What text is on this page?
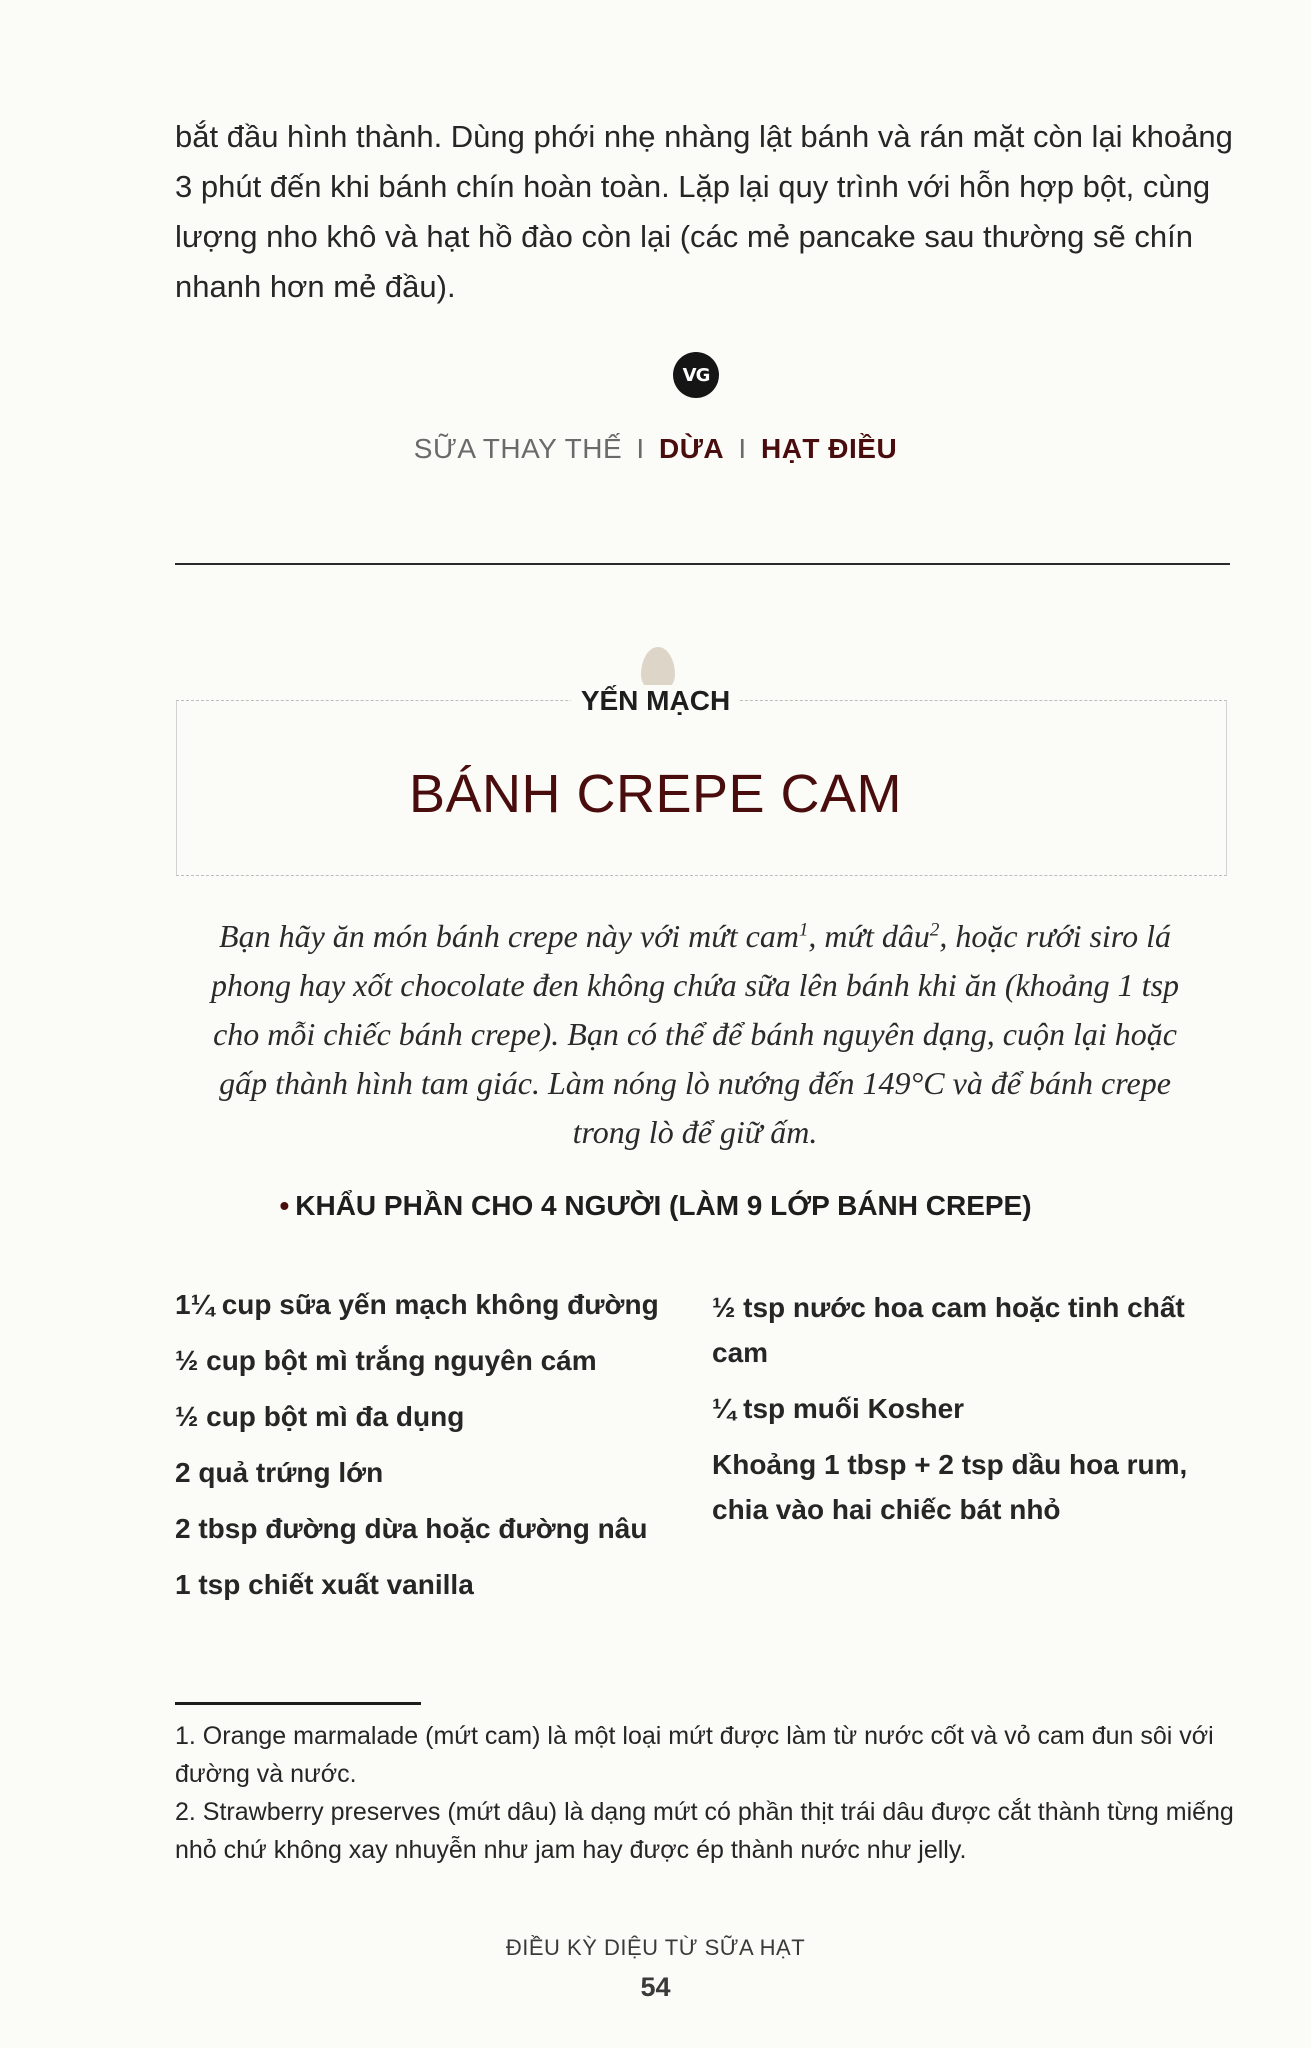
bắt đầu hình thành. Dùng phới nhẹ nhàng lật bánh và rán mặt còn lại khoảng 3 phút đến khi bánh chín hoàn toàn. Lặp lại quy trình với hỗn hợp bột, cùng lượng nho khô và hạt hồ đào còn lại (các mẻ pancake sau thường sẽ chín nhanh hơn mẻ đầu).

VG
SỮA THAY THẾ I DỪA I HẠT ĐIỀU
YẾN MẠCH
BÁNH CREPE CAM

Bạn hãy ăn món bánh crepe này với mứt cam$^1$, mứt dâu$^2$, hoặc rưới siro lá phong hay xốt chocolate đen không chứa sữa lên bánh khi ăn (khoảng 1 tsp cho mỗi chiếc bánh crepe). Bạn có thể để bánh nguyên dạng, cuộn lại hoặc gấp thành hình tam giác. Làm nóng lò nướng đến 149°C và để bánh crepe trong lò để giữ ấm.

• KHẨU PHẦN CHO 4 NGƯỜI (LÀM 9 LỚP BÁNH CREPE)
1¼ cup sữa yến mạch không đường
½ cup bột mì trắng nguyên cám
½ cup bột mì đa dụng
2 quả trứng lớn
2 tbsp đường dừa hoặc đường nâu
1 tsp chiết xuất vanilla
½ tsp nước hoa cam hoặc tinh chất cam
¼ tsp muối Kosher
Khoảng 1 tbsp + 2 tsp dầu hoa rum, chia vào hai chiếc bát nhỏ

1. Orange marmalade (mứt cam) là một loại mứt được làm từ nước cốt và vỏ cam đun sôi với đường và nước.

2. Strawberry preserves (mứt dâu) là dạng mứt có phần thịt trái dâu được cắt thành từng miếng nhỏ chứ không xay nhuyễn như jam hay được ép thành nước như jelly.

ĐIỀU KỲ DIỆU TỪ SỮA HẠT
54
